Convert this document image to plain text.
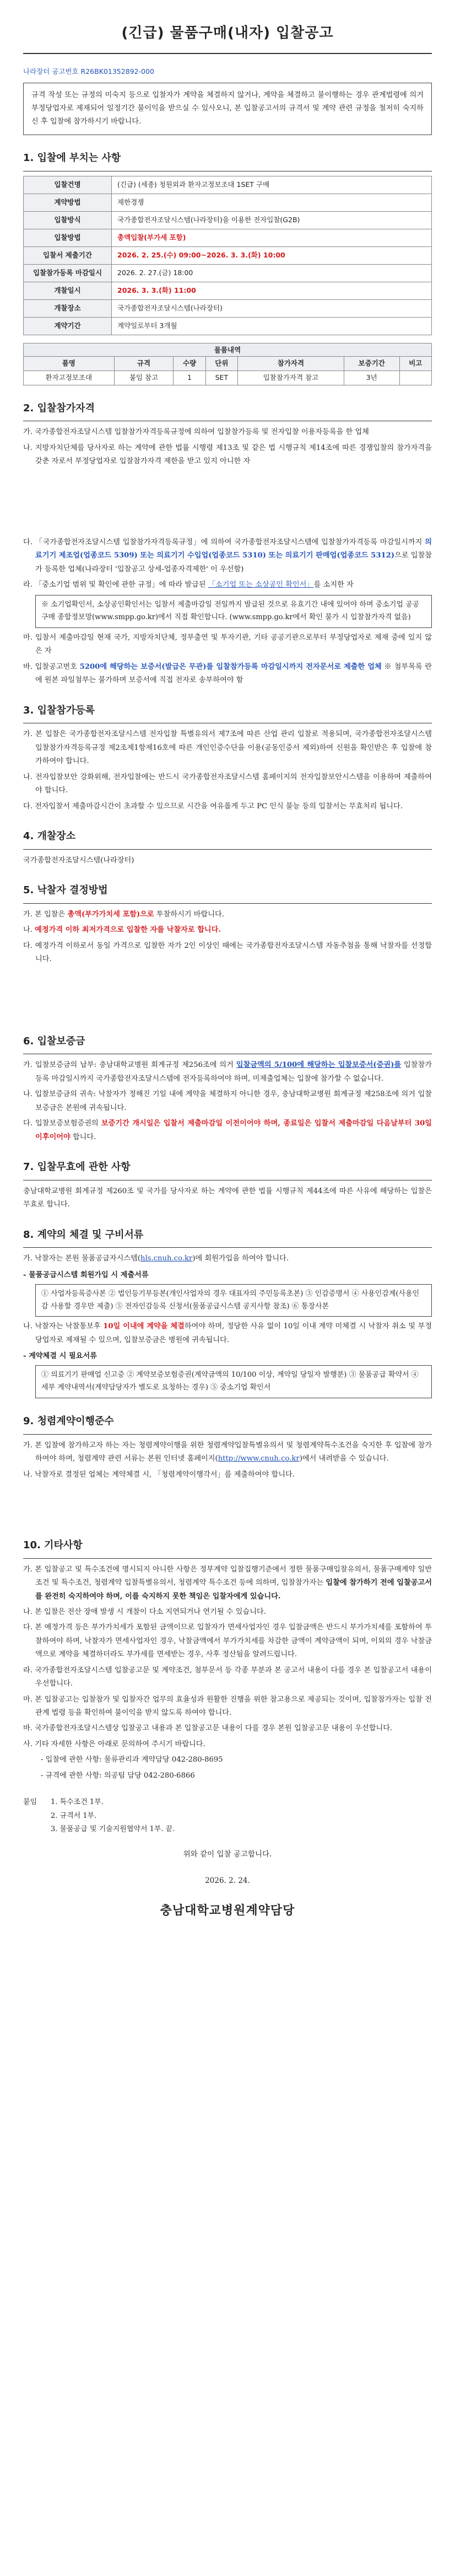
(긴급) 물품구매(내자) 입찰공고
나라장터 공고번호 R26BK01352892-000
규격 작성 또는 규정의 미숙지 등으로 입찰자가 계약을 체결하지 않거나, 계약을 체결하고 불이행하는 경우 관계법령에 의거 부정당업자로 제재되어 일정기간 불이익을 받으실 수 있사오니, 본 입찰공고서의 규격서 및 계약 관련 규정을 철저히 숙지하신 후 입찰에 참가하시기 바랍니다.
1. 입찰에 부치는 사항
입찰건명	(긴급) (세종) 청원외과 환자고정보조대 1SET 구매
계약방법	제한경쟁
입찰방식	국가종합전자조달시스템(나라장터)을 이용한 전자입찰(G2B)
입찰방법	총액입찰(부가세 포함)
입찰서 제출기간	2026. 2. 25.(수) 09:00~2026. 3. 3.(화) 10:00
입찰참가등록 마감일시	2026. 2. 27.(금) 18:00
개찰일시	2026. 3. 3.(화) 11:00
개찰장소	국가종합전자조달시스템(나라장터)
계약기간	계약일로부터 3개월
물품내역
품명	규격	수량	단위	참가자격	보증기간	비고
환자고정보조대	붙임 참고	1	SET	입찰참가자격 참고	3년	
2. 입찰참가자격

가. 국가종합전자조달시스템 입찰참가자격등록규정에 의하여 입찰참가등록 및 전자입찰 이용자등록을 한 업체

나. 지방자치단체를 당사자로 하는 계약에 관한 법률 시행령 제13조 및 같은 법 시행규칙 제14조에 따른 경쟁입찰의 참가자격을 갖춘 자로서 부정당업자로 입찰참가자격 제한을 받고 있지 아니한 자

다. 「국가종합전자조달시스템 입찰참가자격등록규정」에 의하여 국가종합전자조달시스템에 입찰참가자격등록 마감일시까지 의료기기 제조업(업종코드 5309) 또는 의료기기 수입업(업종코드 5310) 또는 의료기기 판매업(업종코드 5312)으로 입찰참가 등록한 업체(나라장터 '입찰공고 상세-업종자격제한' 이 우선함)

라. 「중소기업 범위 및 확인에 관한 규정」에 따라 발급된 「소기업 또는 소상공인 확인서」를 소지한 자

※ 소기업확인서, 소상공인확인서는 입찰서 제출마감일 전일까지 발급된 것으로 유효기간 내에 있어야 하며 중소기업 공공구매 종합정보망(www.smpp.go.kr)에서 직접 확인합니다. (www.smpp.go.kr에서 확인 불가 시 입찰참가자격 없음)

마. 입찰서 제출마감일 현재 국가, 지방자치단체, 정부출연 및 투자기관, 기타 공공기관으로부터 부정당업자로 제재 중에 있지 않은 자

바. 입찰공고번호 5200에 해당하는 보증서(발급은 무관)를 입찰참가등록 마감일시까지 전자문서로 제출한 업체 ※ 첨부목록 란에 원본 파일첨부는 불가하며 보증서에 직접 전자로 송부하여야 함

3. 입찰참가등록

가. 본 입찰은 국가종합전자조달시스템 전자입찰 특별유의서 제7조에 따른 산업 관리 입찰로 적용되며, 국가종합전자조달시스템 입찰참가자격등록규정 제2조제1항제16호에 따른 개인인증수단을 이용(공동인증서 제외)하여 신원을 확인받은 후 입찰에 참가하여야 합니다.

나. 전자입찰보안 강화위해, 전자입찰에는 반드시 국가종합전자조달시스템 홈페이지의 전자입찰보안시스템을 이용하여 제출하여야 합니다.

다. 전자입찰서 제출마감시간이 초과할 수 있으므로 시간을 여유롭게 두고 PC 인식 불능 등의 입찰서는 무효처리 됩니다.

4. 개찰장소

국가종합전자조달시스템(나라장터)

5. 낙찰자 결정방법

가. 본 입찰은 총액(부가가치세 포함)으로 투찰하시기 바랍니다.

나. 예정가격 이하 최저가격으로 입찰한 자를 낙찰자로 합니다.

다. 예정가격 이하로서 동일 가격으로 입찰한 자가 2인 이상인 때에는 국가종합전자조달시스템 자동추첨을 통해 낙찰자를 선정합니다.

6. 입찰보증금

가. 입찰보증금의 납부: 충남대학교병원 회계규정 제256조에 의거 입찰금액의 5/100에 해당하는 입찰보증서(증권)를 입찰참가등록 마감일시까지 국가종합전자조달시스템에 전자등록하여야 하며, 미제출업체는 입찰에 참가할 수 없습니다.

나. 입찰보증금의 귀속: 낙찰자가 정해진 기일 내에 계약을 체결하지 아니한 경우, 충남대학교병원 회계규정 제258조에 의거 입찰보증금은 본원에 귀속됩니다.

다. 입찰보증보험증권의 보증기간 개시일은 입찰서 제출마감일 이전이어야 하며, 종료일은 입찰서 제출마감일 다음날부터 30일 이후이어야 합니다.

7. 입찰무효에 관한 사항

충남대학교병원 회계규정 제260조 및 국가를 당사자로 하는 계약에 관한 법률 시행규칙 제44조에 따른 사유에 해당하는 입찰은 무효로 합니다.

8. 계약의 체결 및 구비서류

가. 낙찰자는 본원 물품공급자시스템(hls.cnuh.co.kr)에 회원가입을 하여야 합니다.

- 물품공급시스템 회원가입 시 제출서류
① 사업자등록증사본 ② 법인등기부등본(개인사업자의 경우 대표자의 주민등록초본) ③ 인감증명서 ④ 사용인감계(사용인감 사용할 경우만 제출) ⑤ 전자인감등록 신청서(물품공급시스템 공지사항 참조) ⑥ 통장사본

나. 낙찰자는 낙찰통보후 10일 이내에 계약을 체결하여야 하며, 정당한 사유 없이 10일 이내 계약 미체결 시 낙찰자 취소 및 부정당업자로 제재될 수 있으며, 입찰보증금은 병원에 귀속됩니다.

- 계약체결 시 필요서류
① 의료기기 판매업 신고증 ② 계약보증보험증권(계약금액의 10/100 이상, 계약일 당일자 발행분) ③ 물품공급 확약서 ④ 세부 계약내역서(계약담당자가 별도로 요청하는 경우) ⑤ 중소기업 확인서
9. 청렴계약이행준수

가. 본 입찰에 참가하고자 하는 자는 청렴계약이행을 위한 청렴계약입찰특별유의서 및 청렴계약특수조건을 숙지한 후 입찰에 참가하여야 하며, 청렴계약 관련 서류는 본원 인터넷 홈페이지(http://www.cnuh.co.kr)에서 내려받을 수 있습니다.

나. 낙찰자로 결정된 업체는 계약체결 시, 「청렴계약이행각서」를 제출하여야 합니다.

10. 기타사항

가. 본 입찰공고 및 특수조건에 명시되지 아니한 사항은 정부계약 입찰집행기준에서 정한 물품구매입찰유의서, 물품구매계약 일반조건 및 특수조건, 청렴계약 입찰특별유의서, 청렴계약 특수조건 등에 의하며, 입찰참가자는 입찰에 참가하기 전에 입찰공고서를 완전히 숙지하여야 하며, 이를 숙지하지 못한 책임은 입찰자에게 있습니다.

나. 본 입찰은 전산 장애 발생 시 개찰이 다소 지연되거나 연기될 수 있습니다.

다. 본 예정가격 등은 부가가치세가 포함된 금액이므로 입찰자가 면세사업자인 경우 입찰금액은 반드시 부가가치세를 포함하여 투찰하여야 하며, 낙찰자가 면세사업자인 경우, 낙찰금액에서 부가가치세를 차감한 금액이 계약금액이 되며, 이외의 경우 낙찰금액으로 계약을 체결하더라도 부가세를 면세받는 경우, 사후 정산됨을 알려드립니다.

라. 국가종합전자조달시스템 입찰공고문 및 계약조건, 첨부문서 등 각종 부분과 본 공고서 내용이 다를 경우 본 입찰공고서 내용이 우선합니다.

마. 본 입찰공고는 입찰참가 및 입찰자간 업무의 효율성과 원활한 진행을 위한 참고용으로 제공되는 것이며, 입찰참가자는 입찰 전 관계 법령 등을 확인하여 불이익을 받지 않도록 하여야 합니다.

바. 국가종합전자조달시스템상 입찰공고 내용과 본 입찰공고문 내용이 다를 경우 본원 입찰공고문 내용이 우선합니다.

사. 기타 자세한 사항은 아래로 문의하여 주시기 바랍니다.

- 입찰에 관한 사항: 물류관리과 계약담당 042-280-8695

- 규격에 관한 사항: 의공팀 담당 042-280-6866

붙임	1. 특수조건 1부.
2. 규격서 1부.
3. 물품공급 및 기술지원협약서 1부. 끝.
위와 같이 입찰 공고합니다.
2026. 2. 24.
충남대학교병원계약담당
